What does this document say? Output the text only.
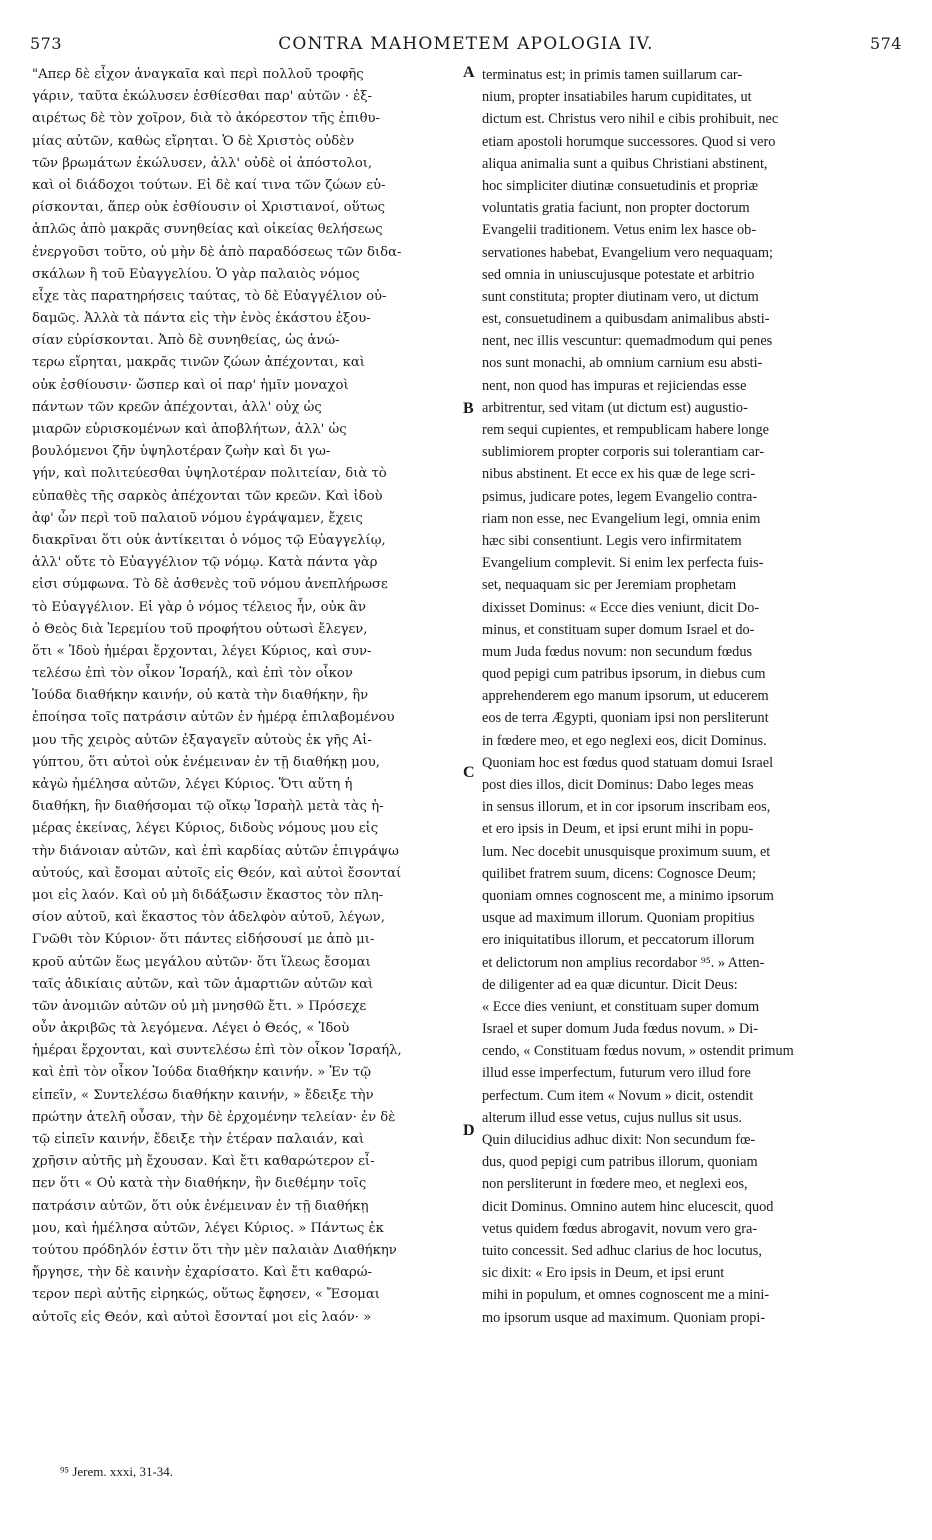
573	CONTRA MAHOMETEM APOLOGIA IV.	574
"Απερ δὲ εἶχον ἀναγκαῖα καὶ περὶ πολλοῦ τροφῆς
γάριν, ταῦτα ἐκώλυσεν ἐσθίεσθαι παρ' αὐτῶν · ἐξ-
αιρέτως δὲ τὸν χοῖρον, διὰ τὸ ἀκόρεστον τῆς ἐπιθυ-
μίας αὐτῶν, καθὼς εἴρηται. Ὁ δὲ Χριστὸς οὐδὲν
τῶν βρωμάτων ἐκώλυσεν, ἀλλ' οὐδὲ οἱ ἀπόστολοι,
καὶ οἱ διάδοχοι τούτων. Εἰ δὲ καί τινα τῶν ζώων εὑ-
ρίσκονται, ἅπερ οὐκ ἐσθίουσιν οἱ Χριστιανοί, οὕτως
ἁπλῶς ἀπὸ μακρᾶς συνηθείας καὶ οἰκείας θελήσεως
ἐνεργοῦσι τοῦτο, οὐ μὴν δὲ ἀπὸ παραδόσεως τῶν διδα-
σκάλων ἢ τοῦ Εὐαγγελίου. Ὁ γὰρ παλαιὸς νόμος
εἶχε τὰς παρατηρήσεις ταύτας, τὸ δὲ Εὐαγγέλιον οὐ-
δαμῶς. Ἀλλὰ τὰ πάντα εἰς τὴν ἑνὸς ἑκάστου ἐξου-
σίαν εὑρίσκονται. Ἀπὸ δὲ συνηθείας, ὡς ἀνώ-
τερω εἴρηται, μακρᾶς τινῶν ζώων ἀπέχονται, καὶ
οὐκ ἐσθίουσιν· ὥσπερ καὶ οἱ παρ' ἡμῖν μοναχοὶ
πάντων τῶν κρεῶν ἀπέχονται, ἀλλ' οὐχ ὡς
μιαρῶν εὑρισκομένων καὶ ἀποβλήτων, ἀλλ' ὡς
βουλόμενοι ζῆν ὑψηλοτέραν ζωὴν καὶ δι γω-
γήν, καὶ πολιτεύεσθαι ὑψηλοτέραν πολιτείαν, διὰ τὸ
εὐπαθὲς τῆς σαρκὸς ἀπέχονται τῶν κρεῶν. Καὶ ἰδοὺ
ἀφ' ὧν περὶ τοῦ παλαιοῦ νόμου ἐγράψαμεν, ἔχεις
διακρῖναι ὅτι οὐκ ἀντίκειται ὁ νόμος τῷ Εὐαγγελίῳ,
ἀλλ' οὔτε τὸ Εὐαγγέλιον τῷ νόμῳ. Κατὰ πάντα γὰρ
εἰσι σύμφωνα. Τὸ δὲ ἀσθενὲς τοῦ νόμου ἀνεπλήρωσε
τὸ Εὐαγγέλιον. Εἰ γὰρ ὁ νόμος τέλειος ἦν, οὐκ ἂν
ὁ Θεὸς διὰ Ἱερεμίου τοῦ προφήτου οὑτωσὶ ἔλεγεν,
ὅτι « Ἰδοὺ ἡμέραι ἔρχονται, λέγει Κύριος, καὶ συν-
τελέσω ἐπὶ τὸν οἶκον Ἰσραήλ, καὶ ἐπὶ τὸν οἶκον
Ἰούδα διαθήκην καινήν, οὐ κατὰ τὴν διαθήκην, ἣν
ἐποίησα τοῖς πατράσιν αὐτῶν ἐν ἡμέρᾳ ἐπιλαβομένου
μου τῆς χειρὸς αὐτῶν ἐξαγαγεῖν αὐτοὺς ἐκ γῆς Αἰ-
γύπτου, ὅτι αὐτοὶ οὐκ ἐνέμειναν ἐν τῇ διαθήκῃ μου,
κἀγὼ ἠμέλησα αὐτῶν, λέγει Κύριος. Ὅτι αὕτη ἡ
διαθήκη, ἣν διαθήσομαι τῷ οἴκῳ Ἰσραὴλ μετὰ τὰς ἡ-
μέρας ἐκείνας, λέγει Κύριος, διδοὺς νόμους μου εἰς
τὴν διάνοιαν αὐτῶν, καὶ ἐπὶ καρδίας αὐτῶν ἐπιγράψω
αὐτούς, καὶ ἔσομαι αὐτοῖς εἰς Θεόν, καὶ αὐτοὶ ἔσονταί
μοι εἰς λαόν. Καὶ οὐ μὴ διδάξωσιν ἕκαστος τὸν πλη-
σίον αὐτοῦ, καὶ ἕκαστος τὸν ἀδελφὸν αὐτοῦ, λέγων,
Γνῶθι τὸν Κύριον· ὅτι πάντες εἰδήσουσί με ἀπὸ μι-
κροῦ αὐτῶν ἕως μεγάλου αὐτῶν· ὅτι ἵλεως ἔσομαι
ταῖς ἀδικίαις αὐτῶν, καὶ τῶν ἁμαρτιῶν αὐτῶν καὶ
τῶν ἀνομιῶν αὐτῶν οὐ μὴ μνησθῶ ἔτι. » Πρόσεχε
οὖν ἀκριβῶς τὰ λεγόμενα. Λέγει ὁ Θεός, « Ἰδοὺ
ἡμέραι ἔρχονται, καὶ συντελέσω ἐπὶ τὸν οἶκον Ἰσραήλ,
καὶ ἐπὶ τὸν οἶκον Ἰούδα διαθήκην καινήν. » Ἐν τῷ
εἰπεῖν, « Συντελέσω διαθήκην καινήν, » ἔδειξε τὴν
πρώτην ἀτελῆ οὖσαν, τὴν δὲ ἐρχομένην τελείαν· ἐν δὲ
τῷ εἰπεῖν καινήν, ἔδειξε τὴν ἑτέραν παλαιάν, καὶ
χρῆσιν αὐτῆς μὴ ἔχουσαν. Καὶ ἔτι καθαρώτερον εἶ-
πεν ὅτι « Οὐ κατὰ τὴν διαθήκην, ἣν διεθέμην τοῖς
πατράσιν αὐτῶν, ὅτι οὐκ ἐνέμειναν ἐν τῇ διαθήκῃ
μου, καὶ ἠμέλησα αὐτῶν, λέγει Κύριος. » Πάντως ἐκ
τούτου πρόδηλόν ἐστιν ὅτι τὴν μὲν παλαιὰν Διαθήκην
ἤργησε, τὴν δὲ καινὴν ἐχαρίσατο. Καὶ ἔτι καθαρώ-
τερον περὶ αὐτῆς εἰρηκώς, οὕτως ἔφησεν, « Ἔσομαι
αὐτοῖς εἰς Θεόν, καὶ αὐτοὶ ἔσονταί μοι εἰς λαόν· »
A
B
C
D
terminatus est; in primis tamen suillarum car-
nium, propter insatiabiles harum cupiditates, ut
dictum est. Christus vero nihil e cibis prohibuit, nec
etiam apostoli horumque successores. Quod si vero
aliqua animalia sunt a quibus Christiani abstinent,
hoc simpliciter diutinæ consuetudinis et propriæ
voluntatis gratia faciunt, non propter doctorum
Evangelii traditionem. Vetus enim lex hasce ob-
servationes habebat, Evangelium vero nequaquam;
sed omnia in uniuscujusque potestate et arbitrio
sunt constituta; propter diutinam vero, ut dictum
est, consuetudinem a quibusdam animalibus absti-
nent, nec illis vescuntur: quemadmodum qui penes
nos sunt monachi, ab omnium carnium esu absti-
nent, non quod has impuras et rejiciendas esse
arbitrentur, sed vitam (ut dictum est) augustio-
rem sequi cupientes, et rempublicam habere longe
sublimiorem propter corporis sui tolerantiam car-
nibus abstinent. Et ecce ex his quæ de lege scri-
psimus, judicare potes, legem Evangelio contra-
riam non esse, nec Evangelium legi, omnia enim
hæc sibi consentiunt. Legis vero infirmitatem
Evangelium complevit. Si enim lex perfecta fuis-
set, nequaquam sic per Jeremiam prophetam
dixisset Dominus: « Ecce dies veniunt, dicit Do-
minus, et constituam super domum Israel et do-
mum Juda fœdus novum: non secundum fœdus
quod pepigi cum patribus ipsorum, in diebus cum
apprehenderem ego manum ipsorum, ut educerem
eos de terra Ægypti, quoniam ipsi non persliterunt
in fœdere meo, et ego neglexi eos, dicit Dominus.
Quoniam hoc est fœdus quod statuam domui Israel
post dies illos, dicit Dominus: Dabo leges meas
in sensus illorum, et in cor ipsorum inscribam eos,
et ero ipsis in Deum, et ipsi erunt mihi in popu-
lum. Nec docebit unusquisque proximum suum, et
quilibet fratrem suum, dicens: Cognosce Deum;
quoniam omnes cognoscent me, a minimo ipsorum
usque ad maximum illorum. Quoniam propitius
ero iniquitatibus illorum, et peccatorum illorum
et delictorum non amplius recordabor ⁹⁵. » Atten-
de diligenter ad ea quæ dicuntur. Dicit Deus:
« Ecce dies veniunt, et constituam super domum
Israel et super domum Juda fœdus novum. » Di-
cendo, « Constituam fœdus novum, » ostendit primum
illud esse imperfectum, futurum vero illud fore
perfectum. Cum item « Novum » dicit, ostendit
alterum illud esse vetus, cujus nullus sit usus.
Quin dilucidius adhuc dixit: Non secundum fœ-
dus, quod pepigi cum patribus illorum, quoniam
non persliterunt in fœdere meo, et neglexi eos,
dicit Dominus. Omnino autem hinc elucescit, quod
vetus quidem fœdus abrogavit, novum vero gra-
tuito concessit. Sed adhuc clarius de hoc locutus,
sic dixit: « Ero ipsis in Deum, et ipsi erunt
mihi in populum, et omnes cognoscent me a mini-
mo ipsorum usque ad maximum. Quoniam propi-
⁹⁵ Jerem. xxxi, 31-34.
